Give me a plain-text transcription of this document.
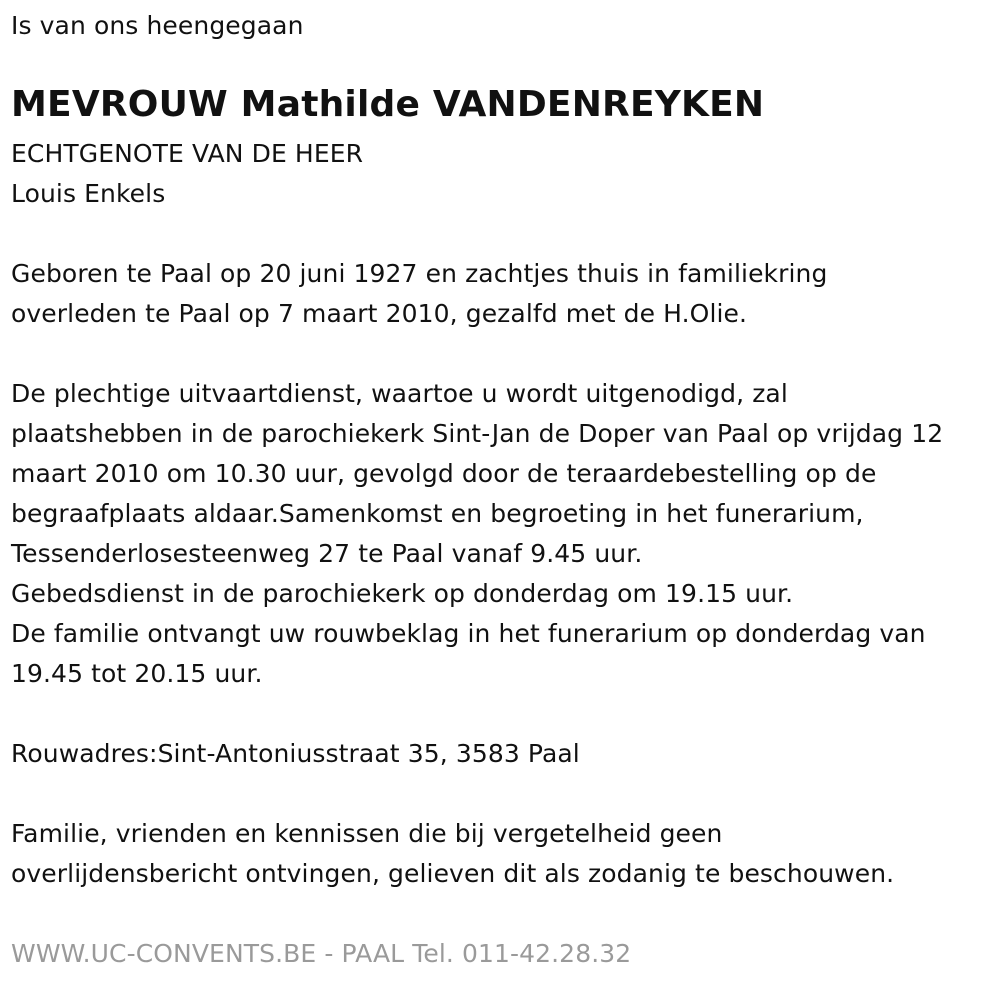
Is van ons heengegaan

MEVROUW Mathilde VANDENREYKEN

ECHTGENOTE VAN DE HEER

Louis Enkels

Geboren te Paal op 20 juni 1927 en zachtjes thuis in familiekring

overleden te Paal op 7 maart 2010, gezalfd met de H.Olie.

De plechtige uitvaartdienst, waartoe u wordt uitgenodigd, zal

plaatshebben in de parochiekerk Sint-Jan de Doper van Paal op vrijdag 12

maart 2010 om 10.30 uur, gevolgd door de teraardebestelling op de

begraafplaats aldaar.Samenkomst en begroeting in het funerarium,

Tessenderlosesteenweg 27 te Paal vanaf 9.45 uur.

Gebedsdienst in de parochiekerk op donderdag om 19.15 uur.

De familie ontvangt uw rouwbeklag in het funerarium op donderdag van

19.45 tot 20.15 uur.

Rouwadres:Sint-Antoniusstraat 35, 3583 Paal

Familie, vrienden en kennissen die bij vergetelheid geen

overlijdensbericht ontvingen, gelieven dit als zodanig te beschouwen.

WWW.UC-CONVENTS.BE - PAAL Tel. 011-42.28.32
